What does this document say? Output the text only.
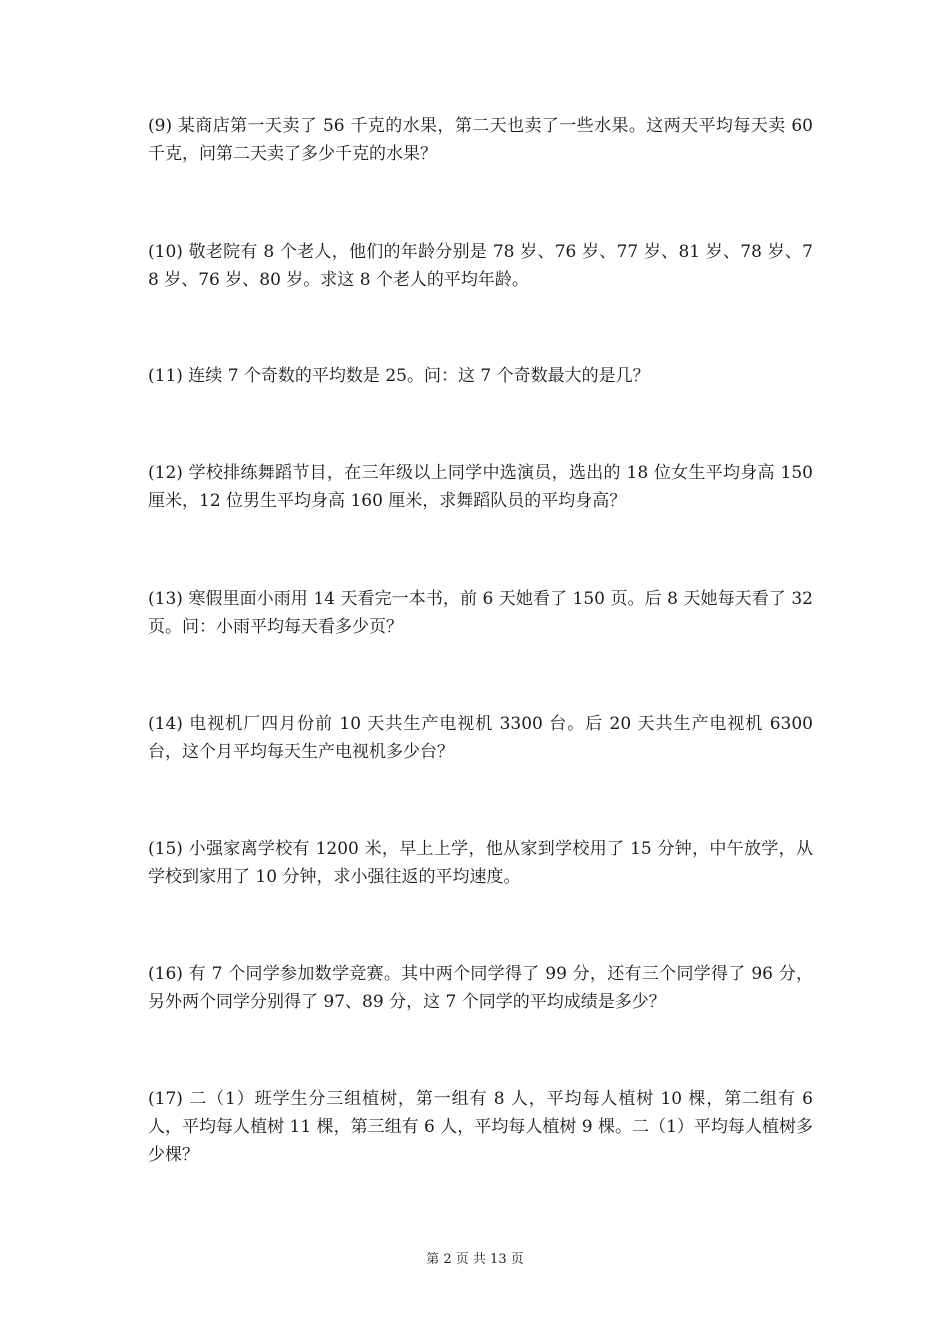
(9) 某商店第一天卖了 56 千克的水果，第二天也卖了一些水果。这两天平均每天卖 60 千克，问第二天卖了多少千克的水果？
(10) 敬老院有 8 个老人，他们的年龄分别是 78 岁、76 岁、77 岁、81 岁、78 岁、78 岁、76 岁、80 岁。求这 8 个老人的平均年龄。
(11) 连续 7 个奇数的平均数是 25。问：这 7 个奇数最大的是几？
(12) 学校排练舞蹈节目，在三年级以上同学中选演员，选出的 18 位女生平均身高 150 厘米，12 位男生平均身高 160 厘米，求舞蹈队员的平均身高？
(13) 寒假里面小雨用 14 天看完一本书，前 6 天她看了 150 页。后 8 天她每天看了 32 页。问：小雨平均每天看多少页？
(14) 电视机厂四月份前 10 天共生产电视机 3300 台。后 20 天共生产电视机 6300 台，这个月平均每天生产电视机多少台？
(15) 小强家离学校有 1200 米，早上上学，他从家到学校用了 15 分钟，中午放学，从学校到家用了 10 分钟，求小强往返的平均速度。
(16) 有 7 个同学参加数学竞赛。其中两个同学得了 99 分，还有三个同学得了 96 分，另外两个同学分别得了 97、89 分，这 7 个同学的平均成绩是多少？
(17) 二（1）班学生分三组植树，第一组有 8 人，平均每人植树 10 棵，第二组有 6 人，平均每人植树 11 棵，第三组有 6 人，平均每人植树 9 棵。二（1）平均每人植树多少棵？
第 2 页 共 13 页
